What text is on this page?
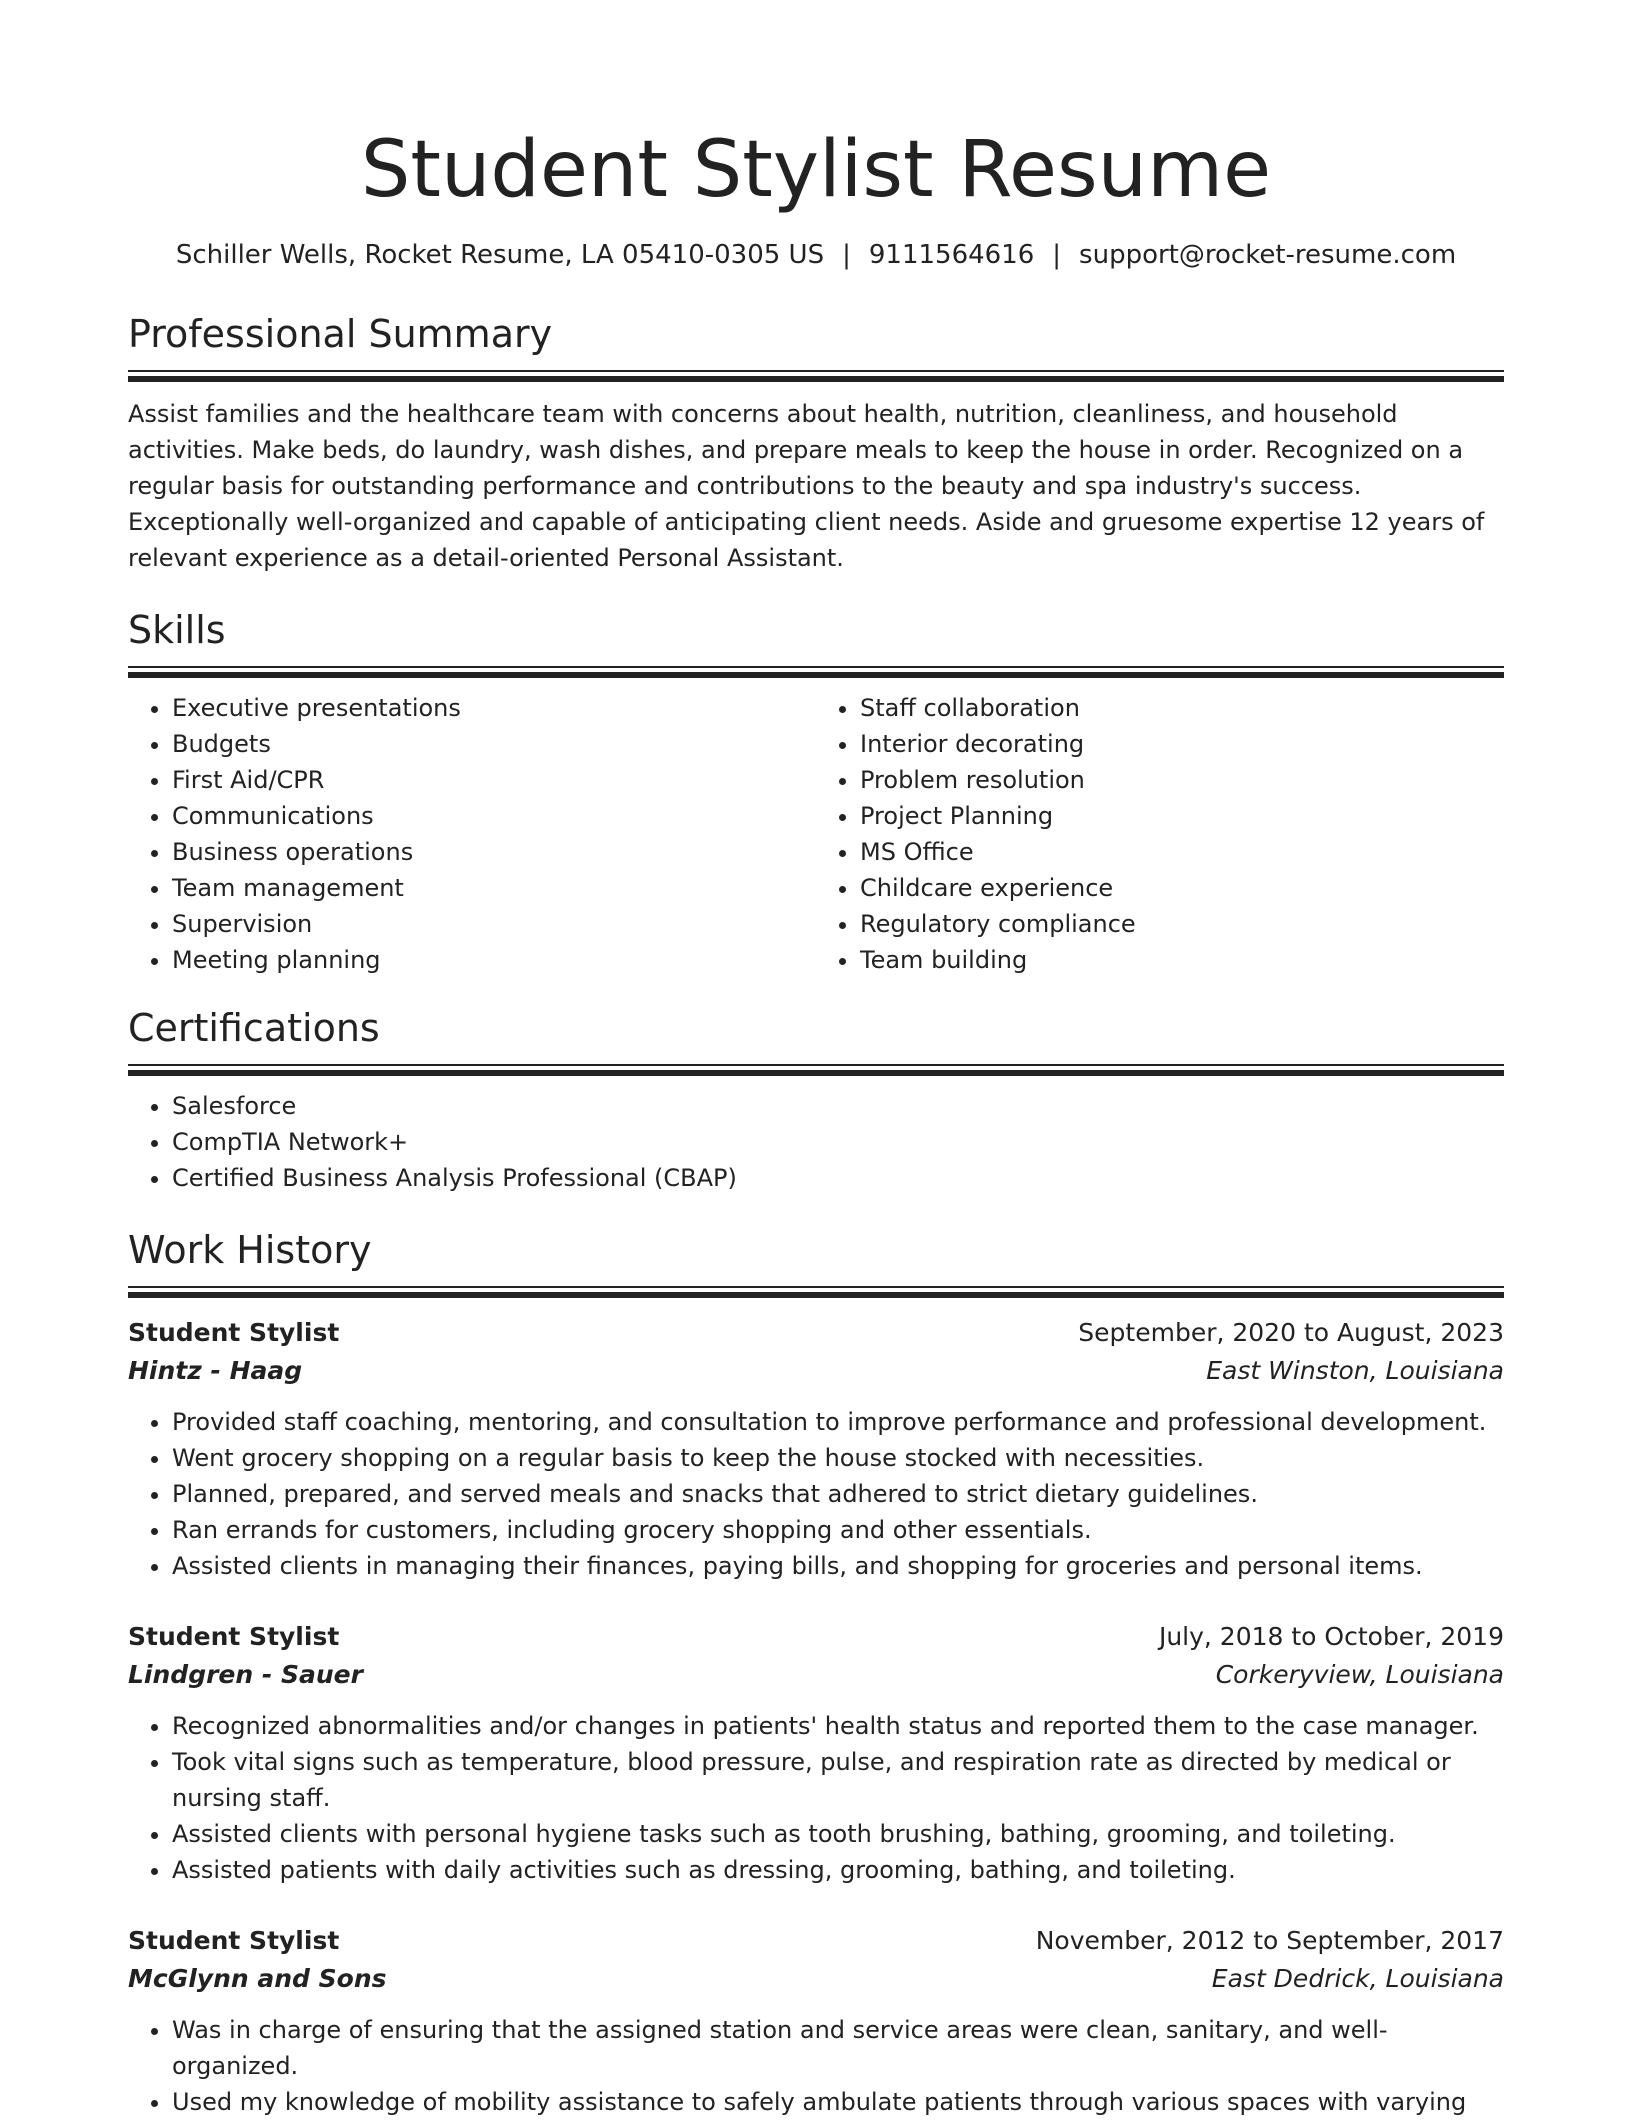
Student Stylist Resume
Schiller Wells, Rocket Resume, LA 05410-0305 US | 9111564616 | support@rocket-resume.com
Professional Summary

Assist families and the healthcare team with concerns about health, nutrition, cleanliness, and household activities. Make beds, do laundry, wash dishes, and prepare meals to keep the house in order. Recognized on a regular basis for outstanding performance and contributions to the beauty and spa industry's success. Exceptionally well-organized and capable of anticipating client needs. Aside and gruesome expertise 12 years of relevant experience as a detail-oriented Personal Assistant.

Skills
• Executive presentations
• Budgets
• First Aid/CPR
• Communications
• Business operations
• Team management
• Supervision
• Meeting planning
• Staff collaboration
• Interior decorating
• Problem resolution
• Project Planning
• MS Office
• Childcare experience
• Regulatory compliance
• Team building
Certifications
• Salesforce
• CompTIA Network+
• Certified Business Analysis Professional (CBAP)
Work History
Student Stylist	September, 2020 to August, 2023
Hintz - Haag	East Winston, Louisiana
• Provided staff coaching, mentoring, and consultation to improve performance and professional development.
• Went grocery shopping on a regular basis to keep the house stocked with necessities.
• Planned, prepared, and served meals and snacks that adhered to strict dietary guidelines.
• Ran errands for customers, including grocery shopping and other essentials.
• Assisted clients in managing their finances, paying bills, and shopping for groceries and personal items.
Student Stylist	July, 2018 to October, 2019
Lindgren - Sauer	Corkeryview, Louisiana
• Recognized abnormalities and/or changes in patients' health status and reported them to the case manager.
• Took vital signs such as temperature, blood pressure, pulse, and respiration rate as directed by medical or nursing staff.
• Assisted clients with personal hygiene tasks such as tooth brushing, bathing, grooming, and toileting.
• Assisted patients with daily activities such as dressing, grooming, bathing, and toileting.
Student Stylist	November, 2012 to September, 2017
McGlynn and Sons	East Dedrick, Louisiana
• Was in charge of ensuring that the assigned station and service areas were clean, sanitary, and well-organized.
• Used my knowledge of mobility assistance to safely ambulate patients through various spaces with varying
